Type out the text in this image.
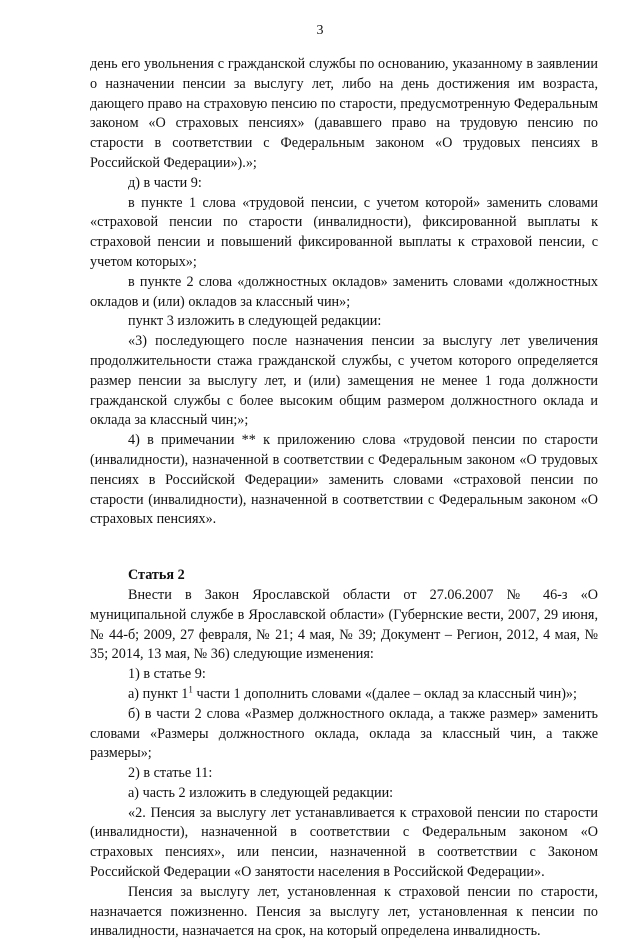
3

день его увольнения с гражданской службы по основанию, указанному в заявлении о назначении пенсии за выслугу лет, либо на день достижения им возраста, дающего право на страховую пенсию по старости, предусмотренную Федеральным законом «О страховых пенсиях» (дававшего право на трудовую пенсию по старости в соответствии с Федеральным законом «О трудовых пенсиях в Российской Федерации»).»;

д) в части 9:

в пункте 1 слова «трудовой пенсии, с учетом которой» заменить словами «страховой пенсии по старости (инвалидности), фиксированной выплаты к страховой пенсии и повышений фиксированной выплаты к страховой пенсии, с учетом которых»;

в пункте 2 слова «должностных окладов» заменить словами «должностных окладов и (или) окладов за классный чин»;

пункт 3 изложить в следующей редакции:

«3) последующего после назначения пенсии за выслугу лет увеличения продолжительности стажа гражданской службы, с учетом которого определяется размер пенсии за выслугу лет, и (или) замещения не менее 1 года должности гражданской службы с более высоким общим размером должностного оклада и оклада за классный чин;»;

4) в примечании ** к приложению слова «трудовой пенсии по старости (инвалидности), назначенной в соответствии с Федеральным законом «О трудовых пенсиях в Российской Федерации» заменить словами «страховой пенсии по старости (инвалидности), назначенной в соответствии с Федеральным законом «О страховых пенсиях».

Статья 2

Внести в Закон Ярославской области от 27.06.2007 № 46-з «О муниципальной службе в Ярославской области» (Губернские вести, 2007, 29 июня, № 44-б; 2009, 27 февраля, № 21; 4 мая, № 39; Документ – Регион, 2012, 4 мая, № 35; 2014, 13 мая, № 36) следующие изменения:

1) в статье 9:

а) пункт $1^1$ части 1 дополнить словами «(далее – оклад за классный чин)»;

б) в части 2 слова «Размер должностного оклада, а также размер» заменить словами «Размеры должностного оклада, оклада за классный чин, а также размеры»;

2) в статье 11:

а) часть 2 изложить в следующей редакции:

«2. Пенсия за выслугу лет устанавливается к страховой пенсии по старости (инвалидности), назначенной в соответствии с Федеральным законом «О страховых пенсиях», или пенсии, назначенной в соответствии с Законом Российской Федерации «О занятости населения в Российской Федерации».

Пенсия за выслугу лет, установленная к страховой пенсии по старости, назначается пожизненно. Пенсия за выслугу лет, установленная к пенсии по инвалидности, назначается на срок, на который определена инвалидность.
